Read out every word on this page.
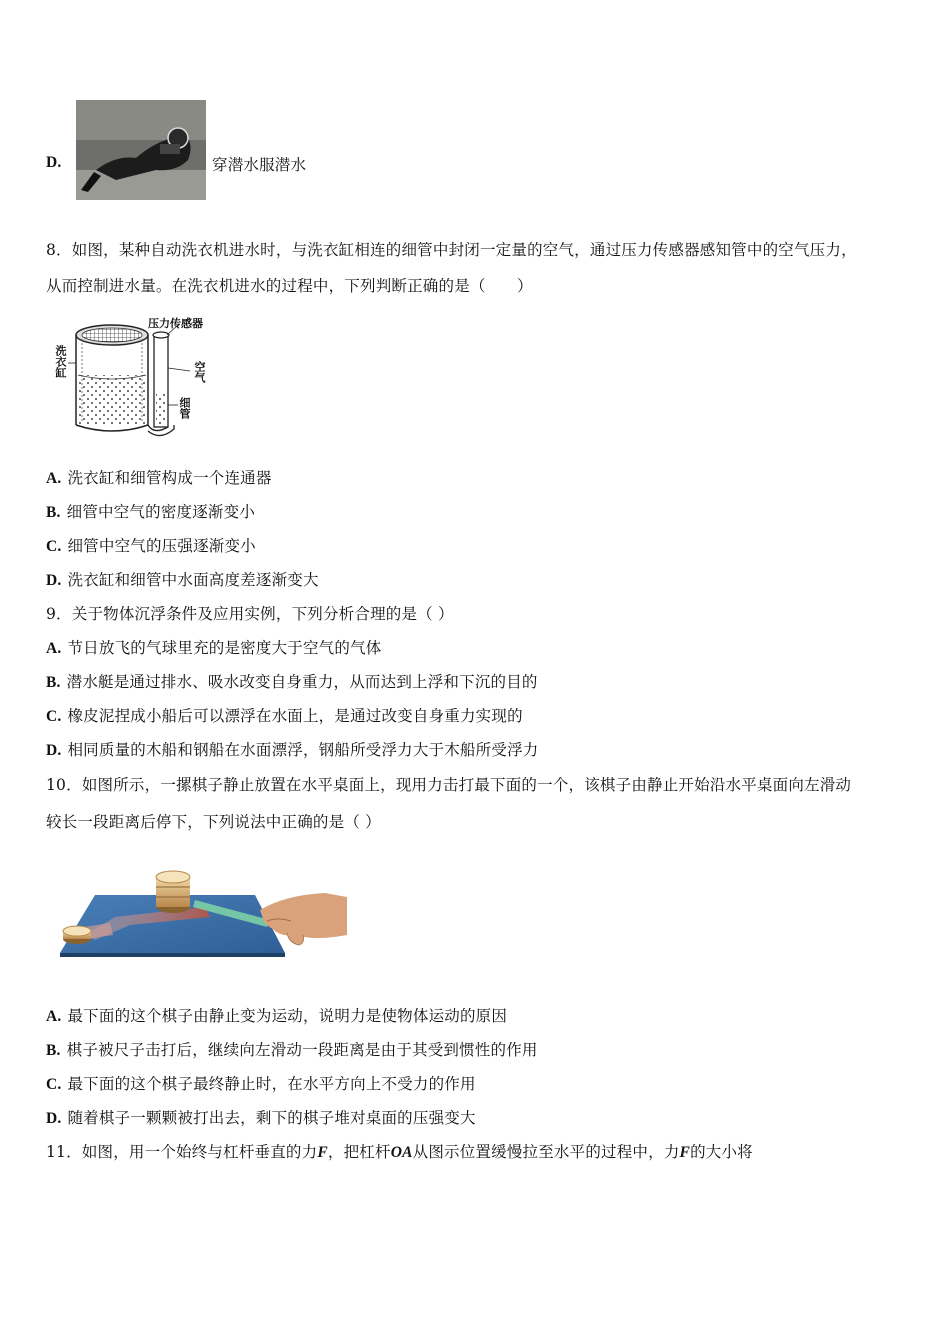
D.	穿潜水服潜水
8．如图，某种自动洗衣机进水时，与洗衣缸相连的细管中封闭一定量的空气，通过压力传感器感知管中的空气压力，
从而控制进水量。在洗衣机进水的过程中，下列判断正确的是（　　）
压力传感器
洗衣缸	空气
细管
A. 洗衣缸和细管构成一个连通器
B. 细管中空气的密度逐渐变小
C. 细管中空气的压强逐渐变小
D. 洗衣缸和细管中水面高度差逐渐变大
9．关于物体沉浮条件及应用实例，下列分析合理的是（ ）
A. 节日放飞的气球里充的是密度大于空气的气体
B. 潜水艇是通过排水、吸水改变自身重力，从而达到上浮和下沉的目的
C. 橡皮泥捏成小船后可以漂浮在水面上，是通过改变自身重力实现的
D. 相同质量的木船和钢船在水面漂浮，钢船所受浮力大于木船所受浮力
10．如图所示，一摞棋子静止放置在水平桌面上，现用力击打最下面的一个，该棋子由静止开始沿水平桌面向左滑动
较长一段距离后停下，下列说法中正确的是（ ）
A. 最下面的这个棋子由静止变为运动，说明力是使物体运动的原因
B. 棋子被尺子击打后，继续向左滑动一段距离是由于其受到惯性的作用
C. 最下面的这个棋子最终静止时，在水平方向上不受力的作用
D. 随着棋子一颗颗被打出去，剩下的棋子堆对桌面的压强变大
11．如图，用一个始终与杠杆垂直的力F，把杠杆OA从图示位置缓慢拉至水平的过程中，力F的大小将
